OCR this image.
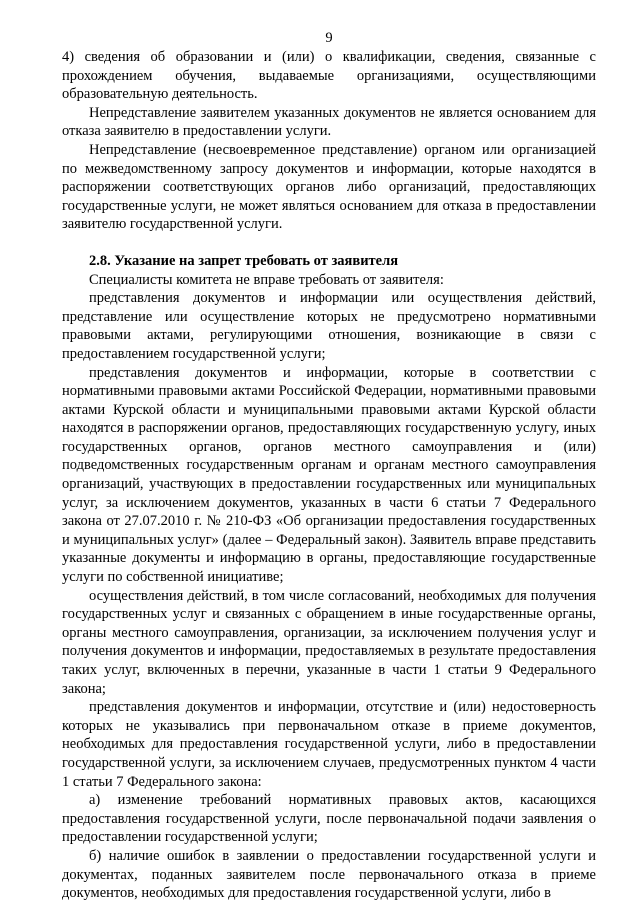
9

4) сведения об образовании и (или) о квалификации, сведения, связанные с прохождением обучения, выдаваемые организациями, осуществляющими образовательную деятельность.

Непредставление заявителем указанных документов не является основанием для отказа заявителю в предоставлении услуги.

Непредставление (несвоевременное представление) органом или организацией по межведомственному запросу документов и информации, которые находятся в распоряжении соответствующих органов либо организаций, предоставляющих государственные услуги, не может являться основанием для отказа в предоставлении заявителю государственной услуги.

2.8. Указание на запрет требовать от заявителя

Специалисты комитета не вправе требовать от заявителя:

представления документов и информации или осуществления действий, представление или осуществление которых не предусмотрено нормативными правовыми актами, регулирующими отношения, возникающие в связи с предоставлением государственной услуги;

представления документов и информации, которые в соответствии с нормативными правовыми актами Российской Федерации, нормативными правовыми актами Курской области и муниципальными правовыми актами Курской области находятся в распоряжении органов, предоставляющих государственную услугу, иных государственных органов, органов местного самоуправления и (или) подведомственных государственным органам и органам местного самоуправления организаций, участвующих в предоставлении государственных или муниципальных услуг, за исключением документов, указанных в части 6 статьи 7 Федерального закона от 27.07.2010 г. № 210-ФЗ «Об организации предоставления государственных и муниципальных услуг» (далее – Федеральный закон). Заявитель вправе представить указанные документы и информацию в органы, предоставляющие государственные услуги по собственной инициативе;

осуществления действий, в том числе согласований, необходимых для получения государственных услуг и связанных с обращением в иные государственные органы, органы местного самоуправления, организации, за исключением получения услуг и получения документов и информации, предоставляемых в результате предоставления таких услуг, включенных в перечни, указанные в части 1 статьи 9 Федерального закона;

представления документов и информации, отсутствие и (или) недостоверность которых не указывались при первоначальном отказе в приеме документов, необходимых для предоставления государственной услуги, либо в предоставлении государственной услуги, за исключением случаев, предусмотренных пунктом 4 части 1 статьи 7 Федерального закона:

а) изменение требований нормативных правовых актов, касающихся предоставления государственной услуги, после первоначальной подачи заявления о предоставлении государственной услуги;

б) наличие ошибок в заявлении о предоставлении государственной услуги и документах, поданных заявителем после первоначального отказа в приеме документов, необходимых для предоставления государственной услуги, либо в
